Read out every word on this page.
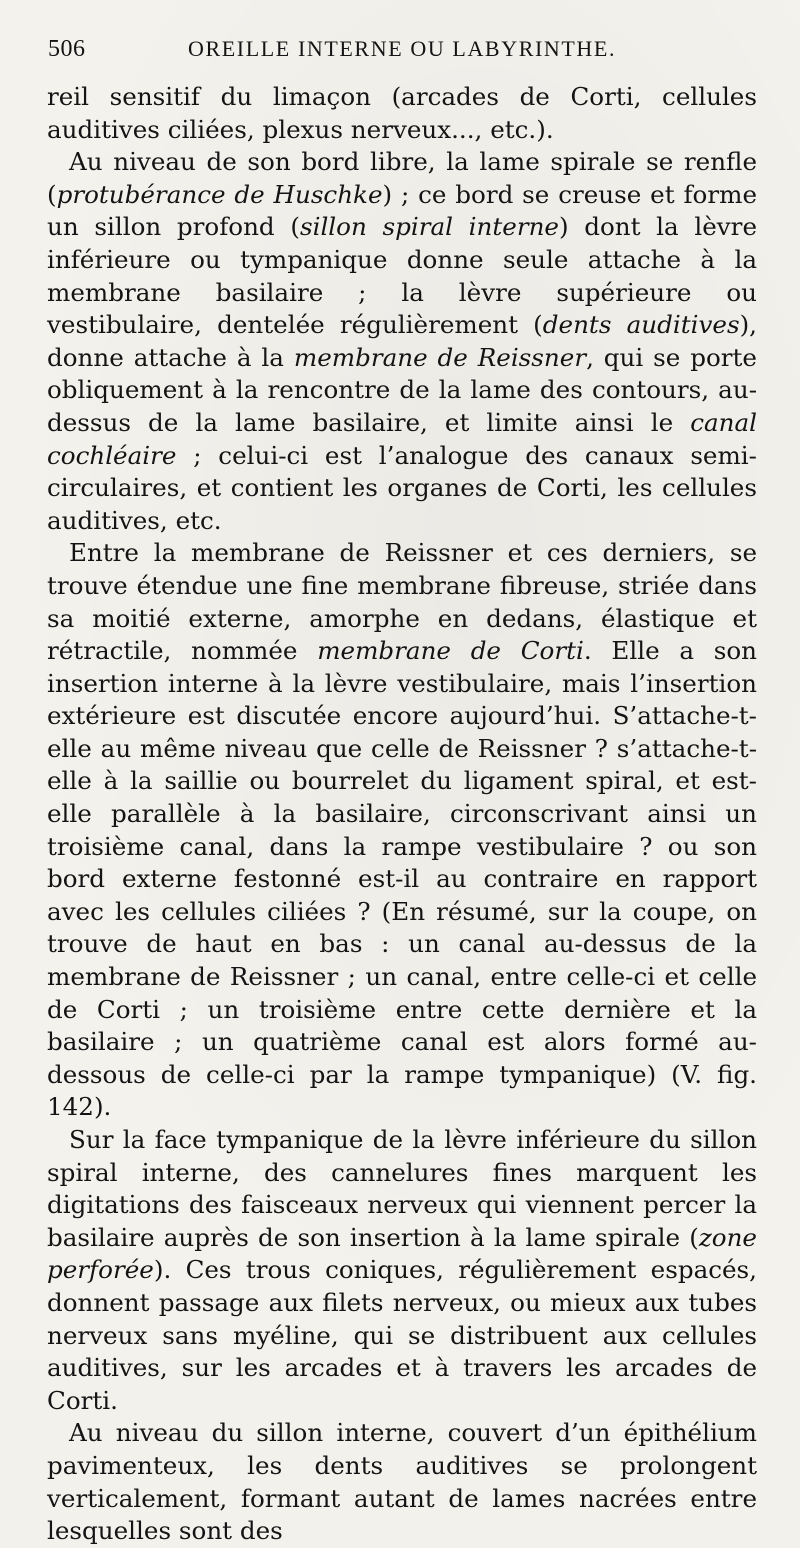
506	OREILLE INTERNE OU LABYRINTHE.

reil sensitif du limaçon (arcades de Corti, cellules auditives ciliées, plexus nerveux..., etc.).

Au niveau de son bord libre, la lame spirale se renfle (protubérance de Huschke) ; ce bord se creuse et forme un sillon profond (sillon spiral interne) dont la lèvre inférieure ou tympanique donne seule attache à la membrane basilaire ; la lèvre supérieure ou vestibulaire, dentelée régulièrement (dents auditives), donne attache à la membrane de Reissner, qui se porte obliquement à la rencontre de la lame des contours, au-dessus de la lame basilaire, et limite ainsi le canal cochléaire ; celui-ci est l’analogue des canaux semi-circulaires, et contient les organes de Corti, les cellules auditives, etc.

Entre la membrane de Reissner et ces derniers, se trouve étendue une fine membrane fibreuse, striée dans sa moitié externe, amorphe en dedans, élastique et rétractile, nommée membrane de Corti. Elle a son insertion interne à la lèvre vestibulaire, mais l’insertion extérieure est discutée encore aujourd’hui. S’attache-t-elle au même niveau que celle de Reissner ? s’attache-t-elle à la saillie ou bourrelet du ligament spiral, et est-elle parallèle à la basilaire, circonscrivant ainsi un troisième canal, dans la rampe vestibulaire ? ou son bord externe festonné est-il au contraire en rapport avec les cellules ciliées ? (En résumé, sur la coupe, on trouve de haut en bas : un canal au-dessus de la membrane de Reissner ; un canal, entre celle-ci et celle de Corti ; un troisième entre cette dernière et la basilaire ; un quatrième canal est alors formé au-dessous de celle-ci par la rampe tympanique) (V. fig. 142).

Sur la face tympanique de la lèvre inférieure du sillon spiral interne, des cannelures fines marquent les digitations des faisceaux nerveux qui viennent percer la basilaire auprès de son insertion à la lame spirale (zone perforée). Ces trous coniques, régulièrement espacés, donnent passage aux filets nerveux, ou mieux aux tubes nerveux sans myéline, qui se distribuent aux cellules auditives, sur les arcades et à travers les arcades de Corti.

Au niveau du sillon interne, couvert d’un épithélium pavimenteux, les dents auditives se prolongent verticalement, formant autant de lames nacrées entre lesquelles sont des
